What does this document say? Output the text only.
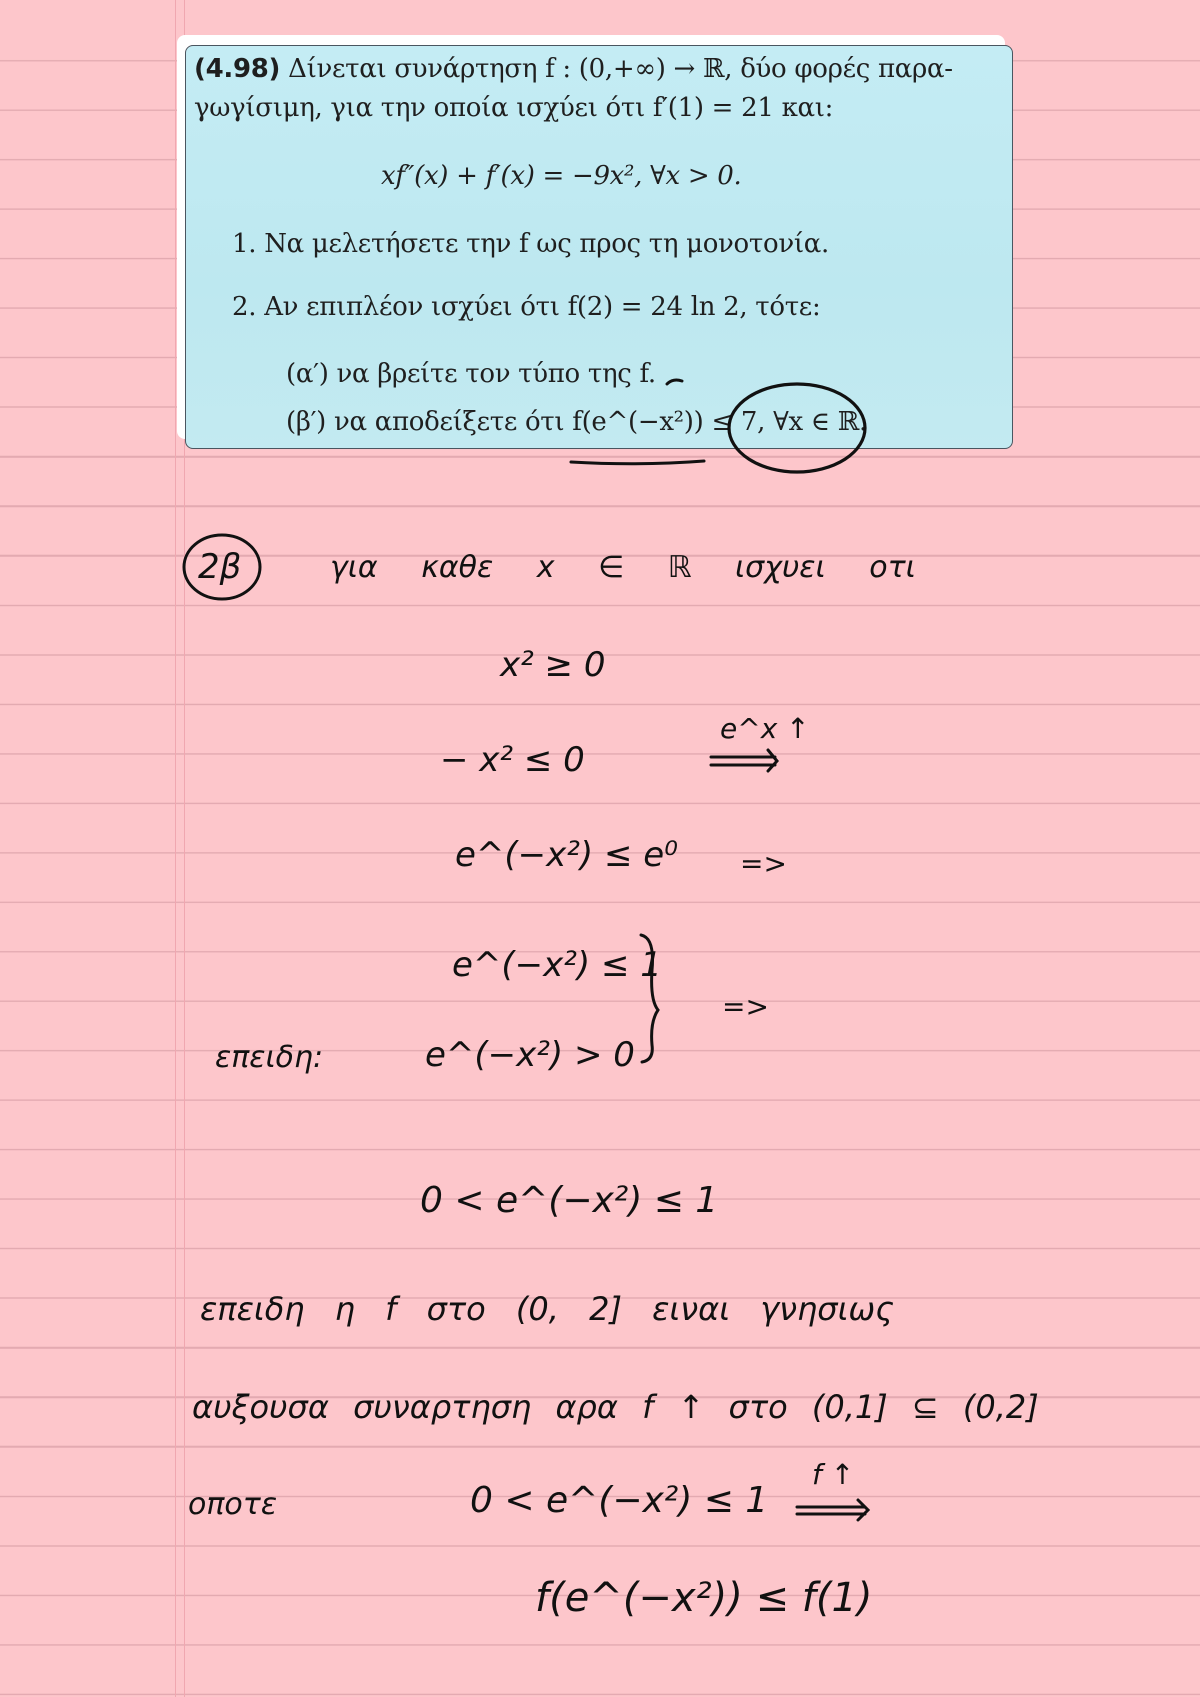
(4.98) Δίνεται συνάρτηση f : (0,+∞) → ℝ, δύο φορές παρα-
γωγίσιμη, για την οποία ισχύει ότι f′(1) = 21 και:
xf″(x) + f′(x) = −9x², ∀x > 0.
1. Να μελετήσετε την f ως προς τη μονοτονία.
2. Αν επιπλέον ισχύει ότι f(2) = 24 ln 2, τότε:
(α′) να βρείτε τον τύπο της f.
(β′) να αποδείξετε ότι f(e^(−x²)) ≤ 7, ∀x ∈ ℝ.
2β	για καθε x ∈ ℝ ισχυει οτι
x² ≥ 0
− x² ≤ 0
e^x ↑
e^(−x²) ≤ e⁰ =>
e^(−x²) ≤ 1
επειδη:	e^(−x²) > 0
=>
0 < e^(−x²) ≤ 1
επειδη η f στο (0, 2] ειναι γνησιως
αυξουσα συναρτηση αρα f ↑ στο (0,1] ⊆ (0,2]
οποτε	0 < e^(−x²) ≤ 1
f ↑
f(e^(−x²)) ≤ f(1)
